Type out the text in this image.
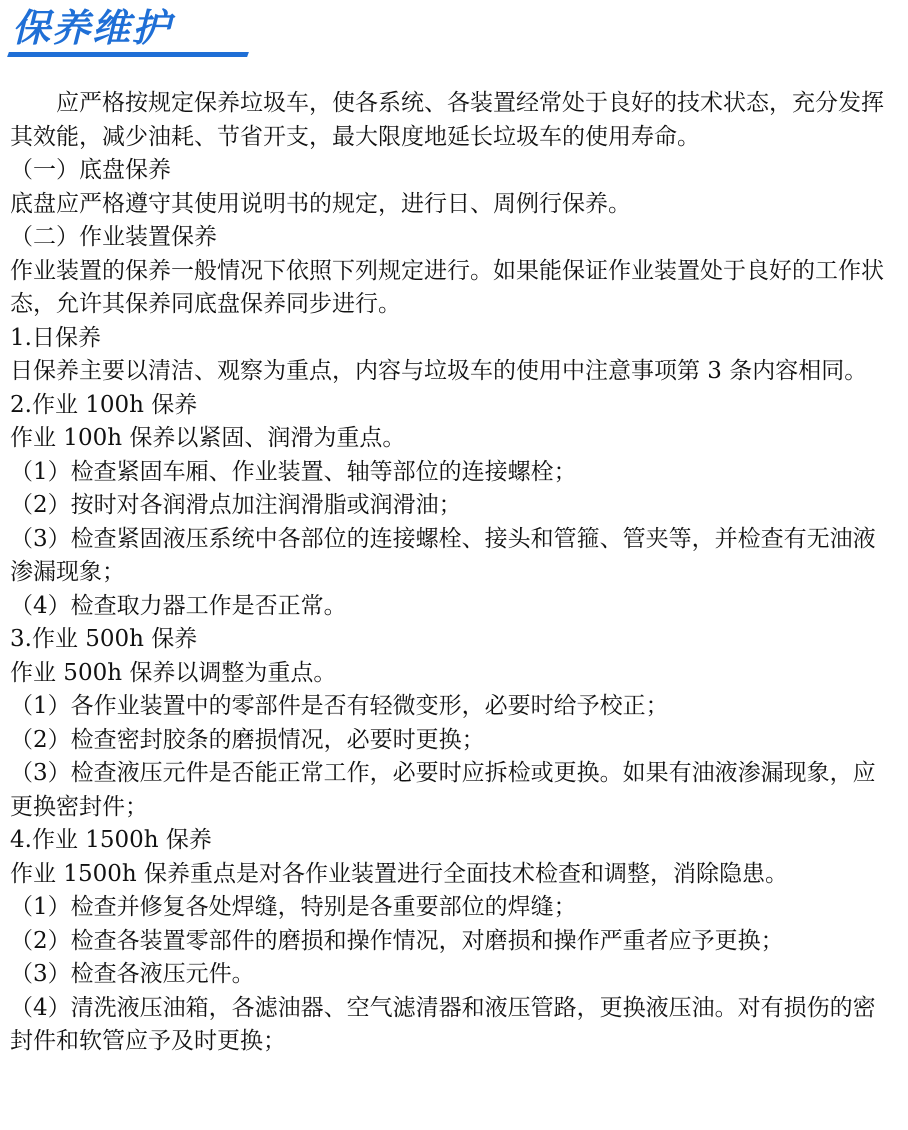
保养维护

应严格按规定保养垃圾车，使各系统、各装置经常处于良好的技术状态，充分发挥其效能，减少油耗、节省开支，最大限度地延长垃圾车的使用寿命。

（一）底盘保养

底盘应严格遵守其使用说明书的规定，进行日、周例行保养。

（二）作业装置保养

作业装置的保养一般情况下依照下列规定进行。如果能保证作业装置处于良好的工作状态，允许其保养同底盘保养同步进行。

1.日保养

日保养主要以清洁、观察为重点，内容与垃圾车的使用中注意事项第 3 条内容相同。

2.作业 100h 保养

作业 100h 保养以紧固、润滑为重点。

（1）检查紧固车厢、作业装置、轴等部位的连接螺栓；

（2）按时对各润滑点加注润滑脂或润滑油；

（3）检查紧固液压系统中各部位的连接螺栓、接头和管箍、管夹等，并检查有无油液　渗漏现象；

（4）检查取力器工作是否正常。

3.作业 500h 保养

作业 500h 保养以调整为重点。

（1）各作业装置中的零部件是否有轻微变形，必要时给予校正；

（2）检查密封胶条的磨损情况，必要时更换；

（3）检查液压元件是否能正常工作，必要时应拆检或更换。如果有油液渗漏现象，应更换密封件；

4.作业 1500h 保养

作业 1500h 保养重点是对各作业装置进行全面技术检查和调整，消除隐患。

（1）检查并修复各处焊缝，特别是各重要部位的焊缝；

（2）检查各装置零部件的磨损和操作情况，对磨损和操作严重者应予更换；

（3）检查各液压元件。

（4）清洗液压油箱，各滤油器、空气滤清器和液压管路，更换液压油。对有损伤的密封件和软管应予及时更换；
